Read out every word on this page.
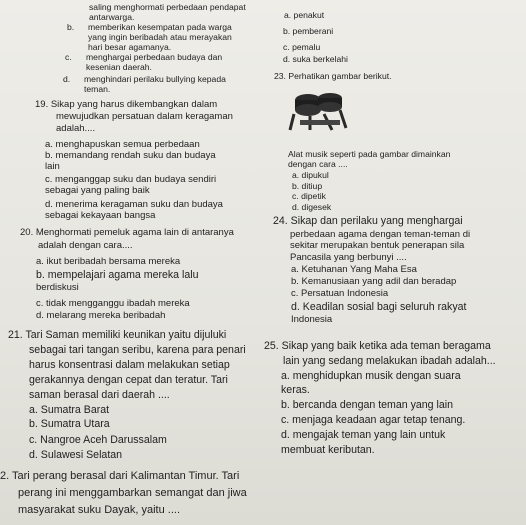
saling menghormati perbedaan pendapat
antarwarga.
b. memberikan kesempatan pada warga
yang ingin beribadah atau merayakan
hari besar agamanya.
c. menghargai perbedaan budaya dan
kesenian daerah.
d. menghindari perilaku bullying kepada
teman.
a. penakut
b. pemberani
c. pemalu
d. suka berkelahi
23. Perhatikan gambar berikut.
Alat musik seperti pada gambar dimainkan
dengan cara ....
a. dipukul
b. ditiup
c. dipetik
d. digesek
19. Sikap yang harus dikembangkan dalam
mewujudkan persatuan dalam keragaman
adalah....
a. menghapuskan semua perbedaan
b. memandang rendah suku dan budaya
lain
c. menganggap suku dan budaya sendiri
sebagai yang paling baik
d. menerima keragaman suku dan budaya
sebagai kekayaan bangsa	24. Sikap dan perilaku yang menghargai
perbedaan agama dengan teman-teman di
sekitar merupakan bentuk penerapan sila
Pancasila yang berbunyi ....
a. Ketuhanan Yang Maha Esa
b. Kemanusiaan yang adil dan beradap
c. Persatuan Indonesia
d. Keadilan sosial bagi seluruh rakyat
Indonesia
20. Menghormati pemeluk agama lain di antaranya
adalah dengan cara....
a. ikut beribadah bersama mereka
b. mempelajari agama mereka lalu
berdiskusi
c. tidak mengganggu ibadah mereka
d. melarang mereka beribadah
21. Tari Saman memiliki keunikan yaitu dijuluki
sebagai tari tangan seribu, karena para penari
harus konsentrasi dalam melakukan setiap
gerakannya dengan cepat dan teratur. Tari
saman berasal dari daerah ....
a. Sumatra Barat
b. Sumatra Utara
c. Nangroe Aceh Darussalam
d. Sulawesi Selatan
25. Sikap yang baik ketika ada teman beragama
lain yang sedang melakukan ibadah adalah...
a. menghidupkan musik dengan suara
keras.
b. bercanda dengan teman yang lain
c. menjaga keadaan agar tetap tenang.
d. mengajak teman yang lain untuk
membuat keributan.
2. Tari perang berasal dari Kalimantan Timur. Tari
perang ini menggambarkan semangat dan jiwa
masyarakat suku Dayak, yaitu ....
